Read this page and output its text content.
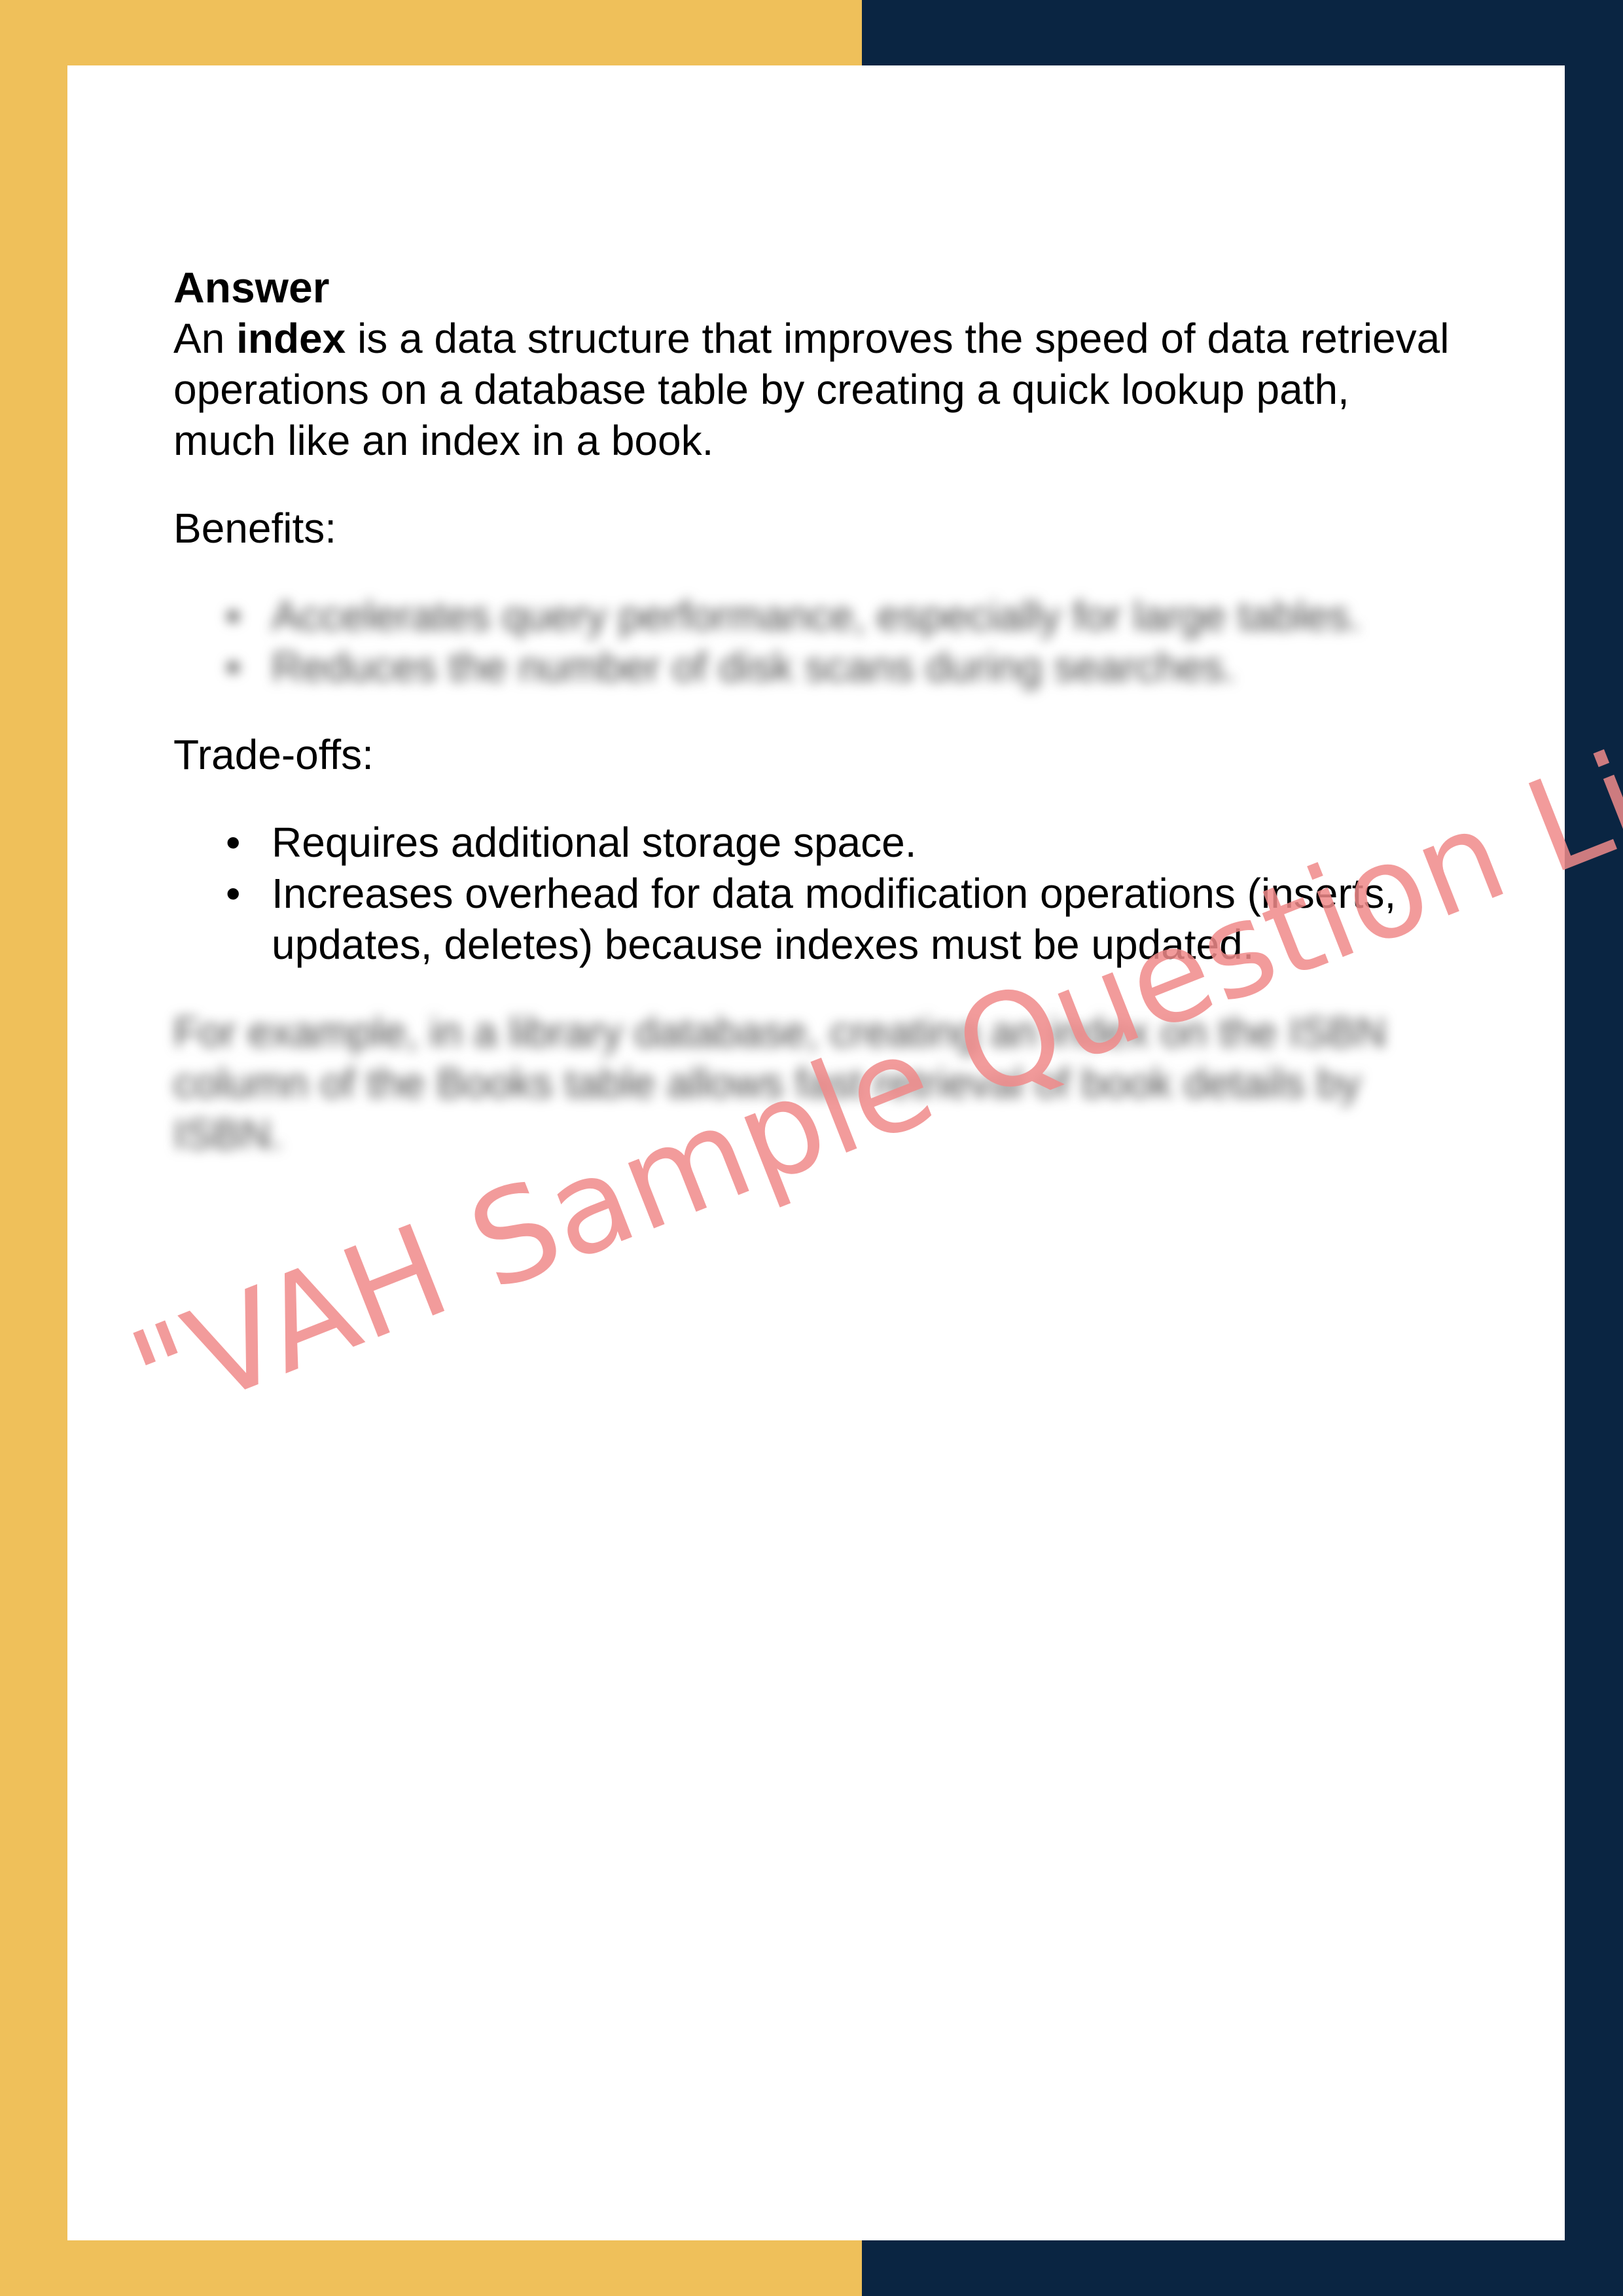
Answer

An index is a data structure that improves the speed of data retrieval operations on a database table by creating a quick lookup path, much like an index in a book.

Benefits:

• Accelerates query performance, especially for large tables.
• Reduces the number of disk scans during searches.

Trade-offs:

• Requires additional storage space.
• Increases overhead for data modification operations (inserts, updates, deletes) because indexes must be updated.

For example, in a library database, creating an index on the ISBN column of the Books table allows fast retrieval of book details by ISBN.

"VAH Sample Question
